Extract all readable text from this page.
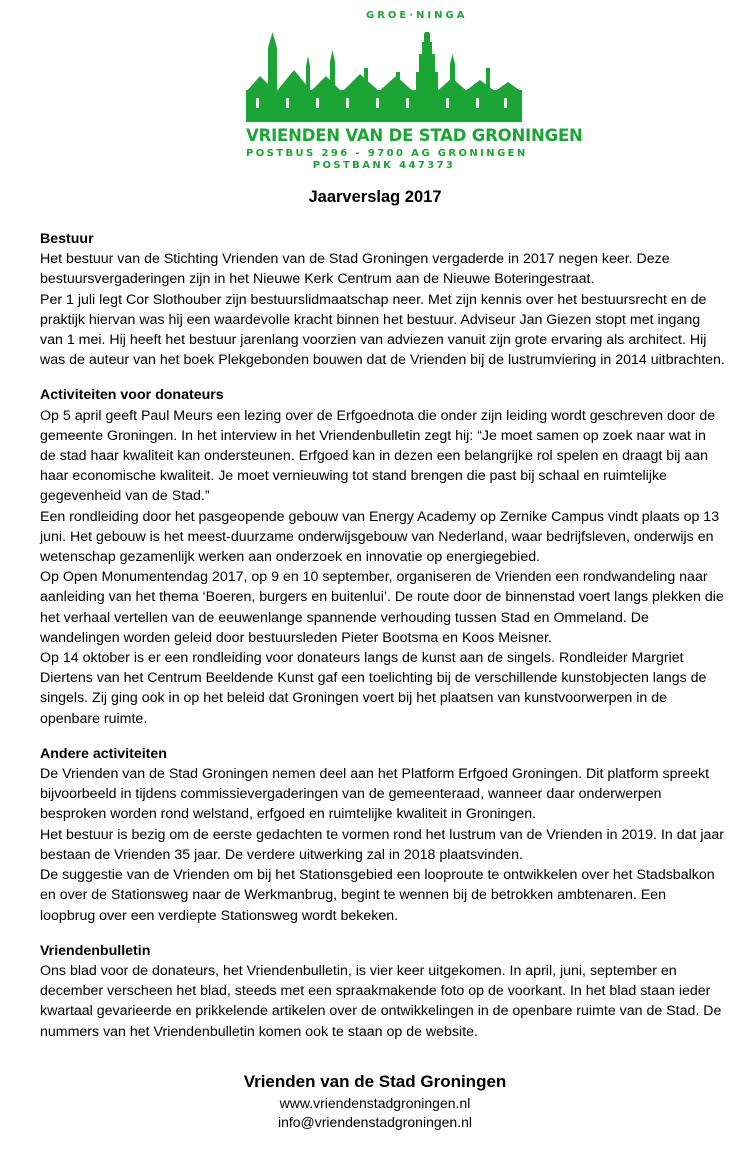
GROE·NINGA
VRIENDEN VAN DE STAD GRONINGEN
POSTBUS 296 - 9700 AG GRONINGEN
POSTBANK 447373
Jaarverslag 2017
Bestuur

Het bestuur van de Stichting Vrienden van de Stad Groningen vergaderde in 2017 negen keer. Deze bestuursvergaderingen zijn in het Nieuwe Kerk Centrum aan de Nieuwe Boteringestraat.

Per 1 juli legt Cor Slothouber zijn bestuurslidmaatschap neer. Met zijn kennis over het bestuursrecht en de praktijk hiervan was hij een waardevolle kracht binnen het bestuur. Adviseur Jan Giezen stopt met ingang van 1 mei. Hij heeft het bestuur jarenlang voorzien van adviezen vanuit zijn grote ervaring als architect. Hij was de auteur van het boek Plekgebonden bouwen dat de Vrienden bij de lustrumviering in 2014 uitbrachten.

Activiteiten voor donateurs

Op 5 april geeft Paul Meurs een lezing over de Erfgoednota die onder zijn leiding wordt geschreven door de gemeente Groningen. In het interview in het Vriendenbulletin zegt hij: “Je moet samen op zoek naar wat in de stad haar kwaliteit kan ondersteunen. Erfgoed kan in dezen een belangrijke rol spelen en draagt bij aan haar economische kwaliteit. Je moet vernieuwing tot stand brengen die past bij schaal en ruimtelijke gegevenheid van de Stad.”

Een rondleiding door het pasgeopende gebouw van Energy Academy op Zernike Campus vindt plaats op 13 juni. Het gebouw is het meest-duurzame onderwijsgebouw van Nederland, waar bedrijfsleven, onderwijs en wetenschap gezamenlijk werken aan onderzoek en innovatie op energiegebied.

Op Open Monumentendag 2017, op 9 en 10 september, organiseren de Vrienden een rondwandeling naar aanleiding van het thema ‘Boeren, burgers en buitenlui’. De route door de binnenstad voert langs plekken die het verhaal vertellen van de eeuwenlange spannende verhouding tussen Stad en Ommeland. De wandelingen worden geleid door bestuursleden Pieter Bootsma en Koos Meisner.

Op 14 oktober is er een rondleiding voor donateurs langs de kunst aan de singels. Rondleider Margriet Diertens van het Centrum Beeldende Kunst gaf een toelichting bij de verschillende kunstobjecten langs de singels. Zij ging ook in op het beleid dat Groningen voert bij het plaatsen van kunstvoorwerpen in de openbare ruimte.

Andere activiteiten

De Vrienden van de Stad Groningen nemen deel aan het Platform Erfgoed Groningen. Dit platform spreekt bijvoorbeeld in tijdens commissievergaderingen van de gemeenteraad, wanneer daar onderwerpen besproken worden rond welstand, erfgoed en ruimtelijke kwaliteit in Groningen.

Het bestuur is bezig om de eerste gedachten te vormen rond het lustrum van de Vrienden in 2019. In dat jaar bestaan de Vrienden 35 jaar. De verdere uitwerking zal in 2018 plaatsvinden.

De suggestie van de Vrienden om bij het Stationsgebied een looproute te ontwikkelen over het Stadsbalkon en over de Stationsweg naar de Werkmanbrug, begint te wennen bij de betrokken ambtenaren. Een loopbrug over een verdiepte Stationsweg wordt bekeken.

Vriendenbulletin

Ons blad voor de donateurs, het Vriendenbulletin, is vier keer uitgekomen. In april, juni, september en december verscheen het blad, steeds met een spraakmakende foto op de voorkant. In het blad staan ieder kwartaal gevarieerde en prikkelende artikelen over de ontwikkelingen in de openbare ruimte van de Stad. De nummers van het Vriendenbulletin komen ook te staan op de website.

Vrienden van de Stad Groningen
www.vriendenstadgroningen.nl
info@vriendenstadgroningen.nl
